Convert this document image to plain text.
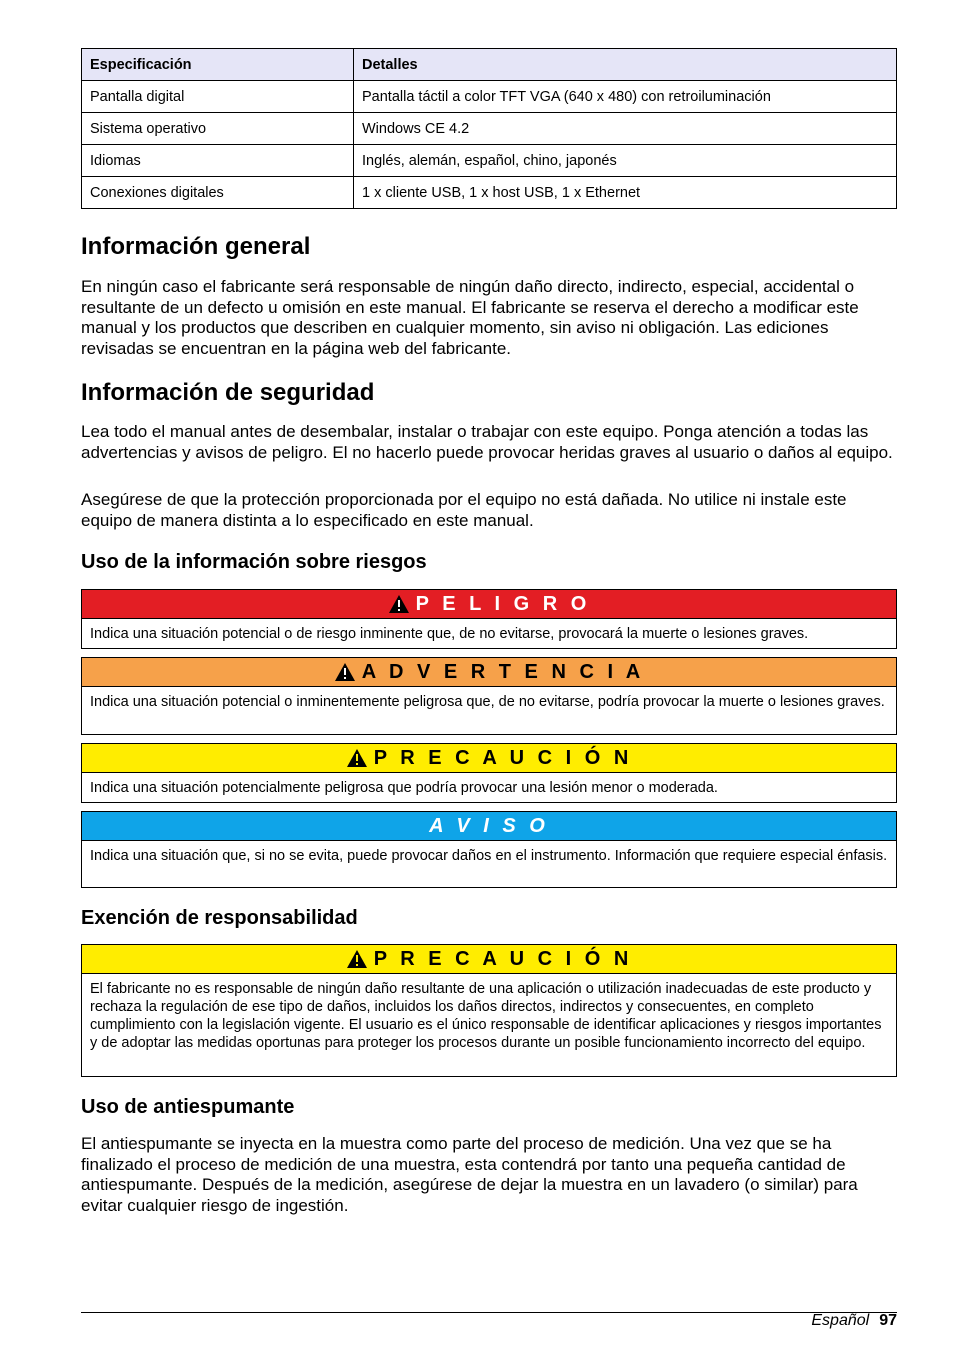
Especificación	Detalles
Pantalla digital	Pantalla táctil a color TFT VGA (640 x 480) con retroiluminación
Sistema operativo	Windows CE 4.2
Idiomas	Inglés, alemán, español, chino, japonés
Conexiones digitales	1 x cliente USB, 1 x host USB, 1 x Ethernet
Información general

En ningún caso el fabricante será responsable de ningún daño directo, indirecto, especial, accidental o resultante de un defecto u omisión en este manual. El fabricante se reserva el derecho a modificar este manual y los productos que describen en cualquier momento, sin aviso ni obligación. Las ediciones revisadas se encuentran en la página web del fabricante.

Información de seguridad

Lea todo el manual antes de desembalar, instalar o trabajar con este equipo. Ponga atención a todas las advertencias y avisos de peligro. El no hacerlo puede provocar heridas graves al usuario o daños al equipo.

Asegúrese de que la protección proporcionada por el equipo no está dañada. No utilice ni instale este equipo de manera distinta a lo especificado en este manual.

Uso de la información sobre riesgos
P E L I G R O
Indica una situación potencial o de riesgo inminente que, de no evitarse, provocará la muerte o lesiones graves.
A D V E R T E N C I A
Indica una situación potencial o inminentemente peligrosa que, de no evitarse, podría provocar la muerte o lesiones graves.
P R E C A U C I Ó N
Indica una situación potencialmente peligrosa que podría provocar una lesión menor o moderada.
A V I S O
Indica una situación que, si no se evita, puede provocar daños en el instrumento. Información que requiere especial énfasis.
Exención de responsabilidad
P R E C A U C I Ó N
El fabricante no es responsable de ningún daño resultante de una aplicación o utilización inadecuadas de este producto y rechaza la regulación de ese tipo de daños, incluidos los daños directos, indirectos y consecuentes, en completo cumplimiento con la legislación vigente. El usuario es el único responsable de identificar aplicaciones y riesgos importantes y de adoptar las medidas oportunas para proteger los procesos durante un posible funcionamiento incorrecto del equipo.
Uso de antiespumante

El antiespumante se inyecta en la muestra como parte del proceso de medición. Una vez que se ha finalizado el proceso de medición de una muestra, esta contendrá por tanto una pequeña cantidad de antiespumante. Después de la medición, asegúrese de dejar la muestra en un lavadero (o similar) para evitar cualquier riesgo de ingestión.

Español 97
